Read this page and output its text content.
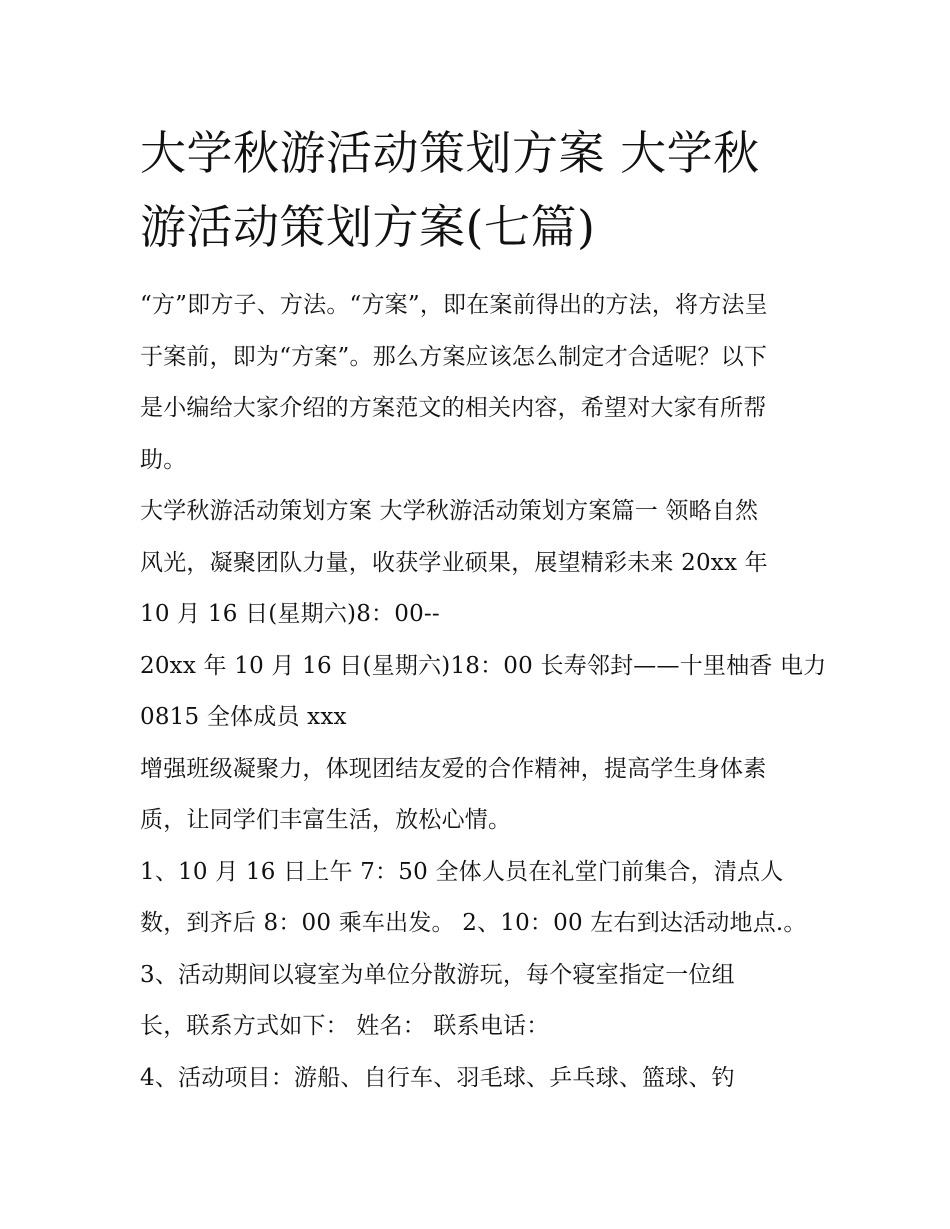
大学秋游活动策划方案 大学秋
游活动策划方案(七篇)
“方”即方子、方法。“方案”，即在案前得出的方法，将方法呈
于案前，即为“方案”。那么方案应该怎么制定才合适呢？以下
是小编给大家介绍的方案范文的相关内容，希望对大家有所帮
助。
大学秋游活动策划方案 大学秋游活动策划方案篇一 领略自然
风光，凝聚团队力量，收获学业硕果，展望精彩未来 20xx 年
10 月 16 日(星期六)8：00--
20xx 年 10 月 16 日(星期六)18：00 长寿邻封——十里柚香 电力
0815 全体成员 xxx
增强班级凝聚力，体现团结友爱的合作精神，提高学生身体素
质，让同学们丰富生活，放松心情。
1、10 月 16 日上午 7：50 全体人员在礼堂门前集合，清点人
数，到齐后 8：00 乘车出发。 2、10：00 左右到达活动地点.。
3、活动期间以寝室为单位分散游玩，每个寝室指定一位组
长，联系方式如下： 姓名： 联系电话：
4、活动项目：游船、自行车、羽毛球、乒乓球、篮球、钓
